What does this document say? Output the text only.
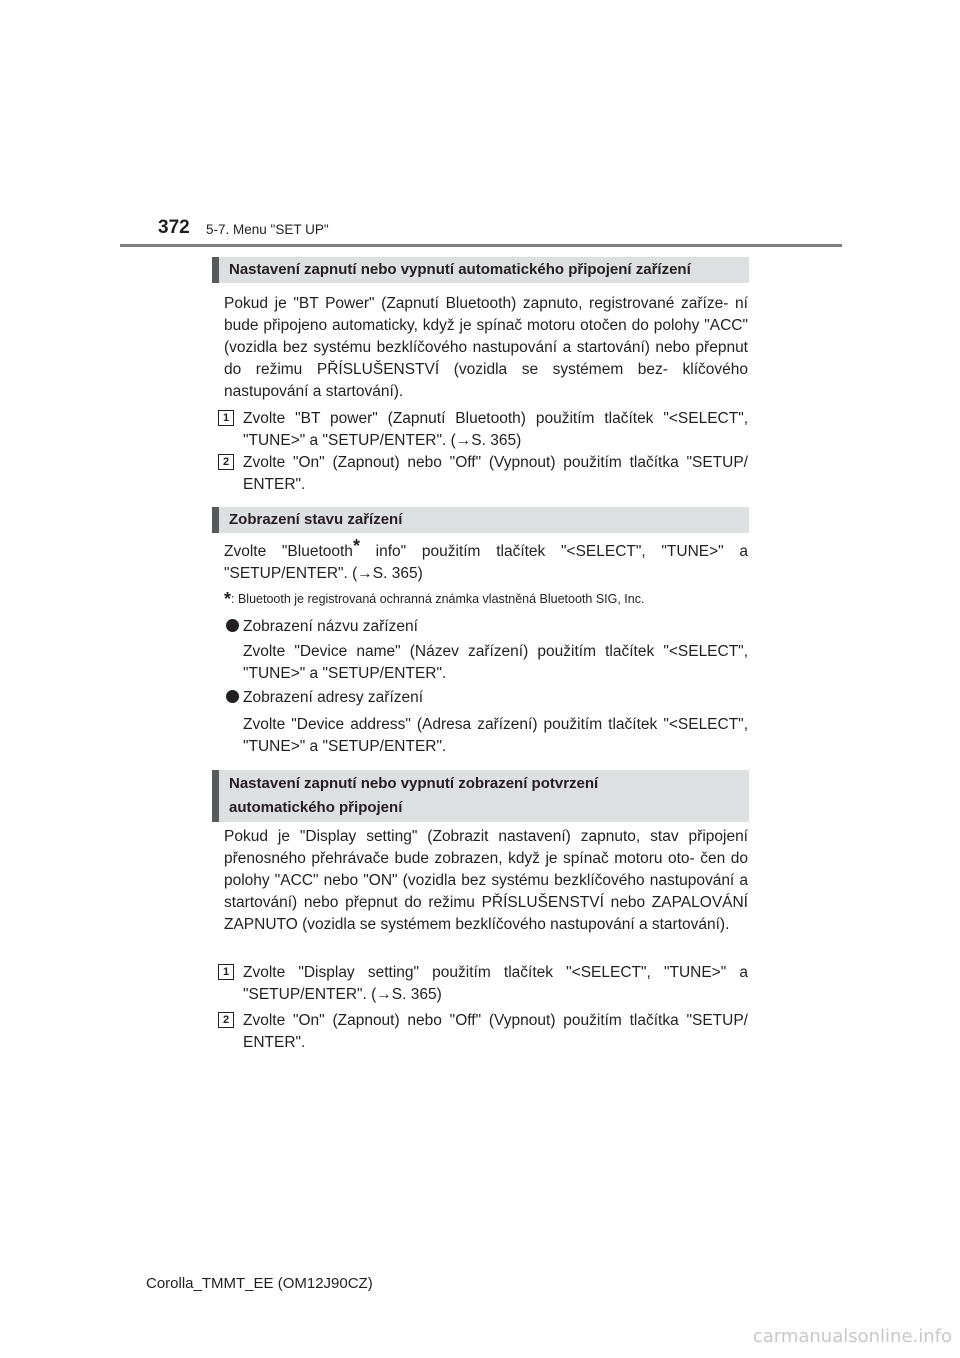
372 5-7. Menu "SET UP"
Nastavení zapnutí nebo vypnutí automatického připojení zařízení
Pokud je "BT Power" (Zapnutí Bluetooth) zapnuto, registrované zaříze- ní bude připojeno automaticky, když je spínač motoru otočen do polohy "ACC" (vozidla bez systému bezklíčového nastupování a startování) nebo přepnut do režimu PŘÍSLUŠENSTVÍ (vozidla se systémem bez- klíčového nastupování a startování).
1 Zvolte "BT power" (Zapnutí Bluetooth) použitím tlačítek "<SELECT", "TUNE>" a "SETUP/ENTER". (→S. 365)
2 Zvolte "On" (Zapnout) nebo "Off" (Vypnout) použitím tlačítka "SETUP/ ENTER".
Zobrazení stavu zařízení
Zvolte "Bluetooth* info" použitím tlačítek "<SELECT", "TUNE>" a "SETUP/ENTER". (→S. 365)
*: Bluetooth je registrovaná ochranná známka vlastněná Bluetooth SIG, Inc.
Zobrazení názvu zařízení
Zvolte "Device name" (Název zařízení) použitím tlačítek "<SELECT", "TUNE>" a "SETUP/ENTER".
Zobrazení adresy zařízení
Zvolte "Device address" (Adresa zařízení) použitím tlačítek "<SELECT", "TUNE>" a "SETUP/ENTER".
Nastavení zapnutí nebo vypnutí zobrazení potvrzení
automatického připojení
Pokud je "Display setting" (Zobrazit nastavení) zapnuto, stav připojení přenosného přehrávače bude zobrazen, když je spínač motoru oto- čen do polohy "ACC" nebo "ON" (vozidla bez systému bezklíčového nastupování a startování) nebo přepnut do režimu PŘÍSLUŠENSTVÍ nebo ZAPALOVÁNÍ ZAPNUTO (vozidla se systémem bezklíčového nastupování a startování).
1 Zvolte "Display setting" použitím tlačítek "<SELECT", "TUNE>" a "SETUP/ENTER". (→S. 365)
2 Zvolte "On" (Zapnout) nebo "Off" (Vypnout) použitím tlačítka "SETUP/ ENTER".
Corolla_TMMT_EE (OM12J90CZ)
carmanualsonline.info
